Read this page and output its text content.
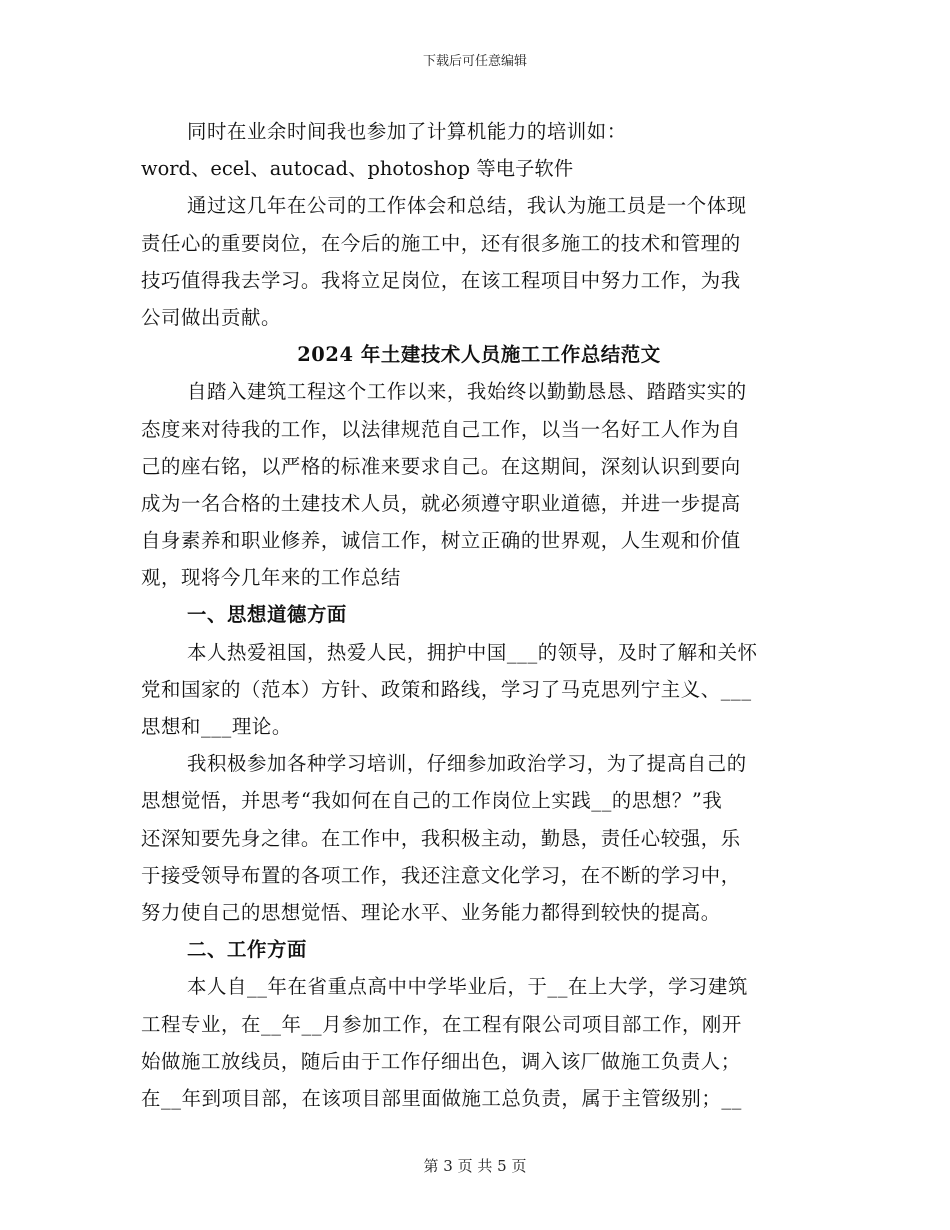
下载后可任意编辑
同时在业余时间我也参加了计算机能力的培训如：
word、ecel、autocad、photoshop 等电子软件
通过这几年在公司的工作体会和总结，我认为施工员是一个体现
责任心的重要岗位，在今后的施工中，还有很多施工的技术和管理的
技巧值得我去学习。我将立足岗位，在该工程项目中努力工作，为我
公司做出贡献。
2024 年土建技术人员施工工作总结范文
自踏入建筑工程这个工作以来，我始终以勤勤恳恳、踏踏实实的
态度来对待我的工作，以法律规范自己工作，以当一名好工人作为自
己的座右铭，以严格的标准来要求自己。在这期间，深刻认识到要向
成为一名合格的土建技术人员，就必须遵守职业道德，并进一步提高
自身素养和职业修养，诚信工作，树立正确的世界观，人生观和价值
观，现将今几年来的工作总结
一、思想道德方面
本人热爱祖国，热爱人民，拥护中国___的领导，及时了解和关怀
党和国家的（范本）方针、政策和路线，学习了马克思列宁主义、___
思想和___理论。
我积极参加各种学习培训，仔细参加政治学习，为了提高自己的
思想觉悟，并思考“我如何在自己的工作岗位上实践__的思想？”我
还深知要先身之律。在工作中，我积极主动，勤恳，责任心较强，乐
于接受领导布置的各项工作，我还注意文化学习，在不断的学习中，
努力使自己的思想觉悟、理论水平、业务能力都得到较快的提高。
二、工作方面
本人自__年在省重点高中中学毕业后，于__在上大学，学习建筑
工程专业，在__年__月参加工作，在工程有限公司项目部工作，刚开
始做施工放线员，随后由于工作仔细出色，调入该厂做施工负责人；
在__年到项目部，在该项目部里面做施工总负责，属于主管级别；__
第 3 页 共 5 页
